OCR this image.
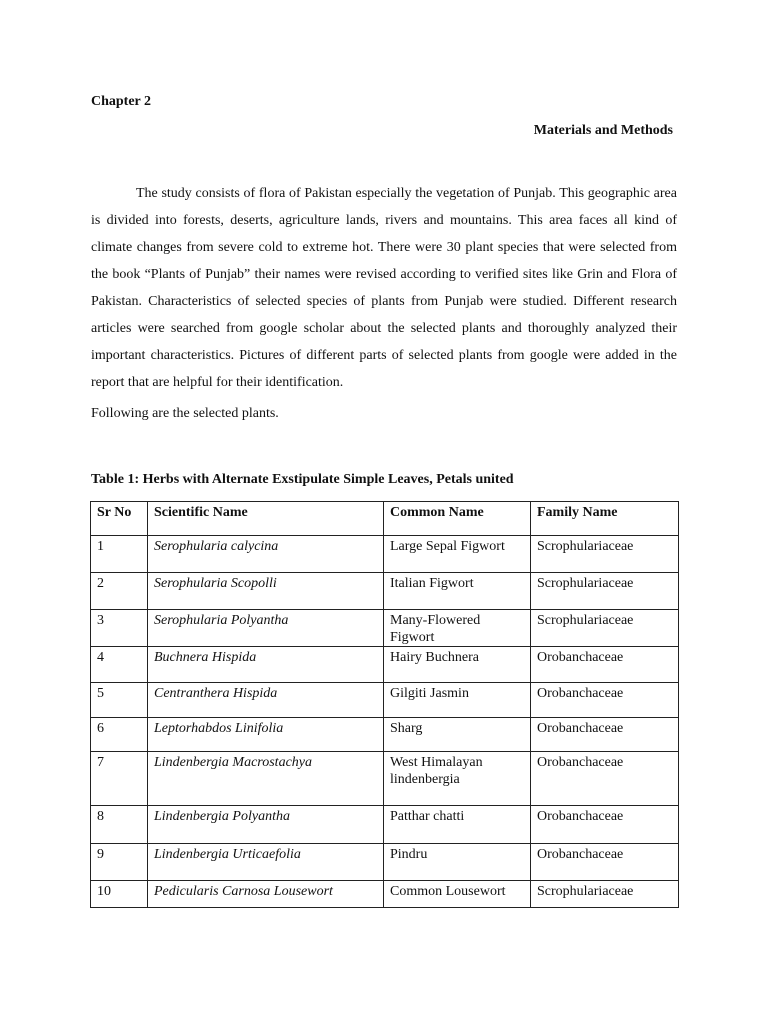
Chapter 2
Materials and Methods

The study consists of flora of Pakistan especially the vegetation of Punjab. This geographic area is divided into forests, deserts, agriculture lands, rivers and mountains. This area faces all kind of climate changes from severe cold to extreme hot. There were 30 plant species that were selected from the book “Plants of Punjab” their names were revised according to verified sites like Grin and Flora of Pakistan. Characteristics of selected species of plants from Punjab were studied. Different research articles were searched from google scholar about the selected plants and thoroughly analyzed their important characteristics. Pictures of different parts of selected plants from google were added in the report that are helpful for their identification.

Following are the selected plants.
Table 1: Herbs with Alternate Exstipulate Simple Leaves, Petals united
Sr No	Scientific Name	Common Name	Family Name
1	Serophularia calycina	Large Sepal Figwort	Scrophulariaceae
2	Serophularia Scopolli	Italian Figwort	Scrophulariaceae
3	Serophularia Polyantha	Many-Flowered Figwort	Scrophulariaceae
4	Buchnera Hispida	Hairy Buchnera	Orobanchaceae
5	Centranthera Hispida	Gilgiti Jasmin	Orobanchaceae
6	Leptorhabdos Linifolia	Sharg	Orobanchaceae
7	Lindenbergia Macrostachya	West Himalayan lindenbergia	Orobanchaceae
8	Lindenbergia Polyantha	Patthar chatti	Orobanchaceae
9	Lindenbergia Urticaefolia	Pindru	Orobanchaceae
10	Pedicularis Carnosa Lousewort	Common Lousewort	Scrophulariaceae
